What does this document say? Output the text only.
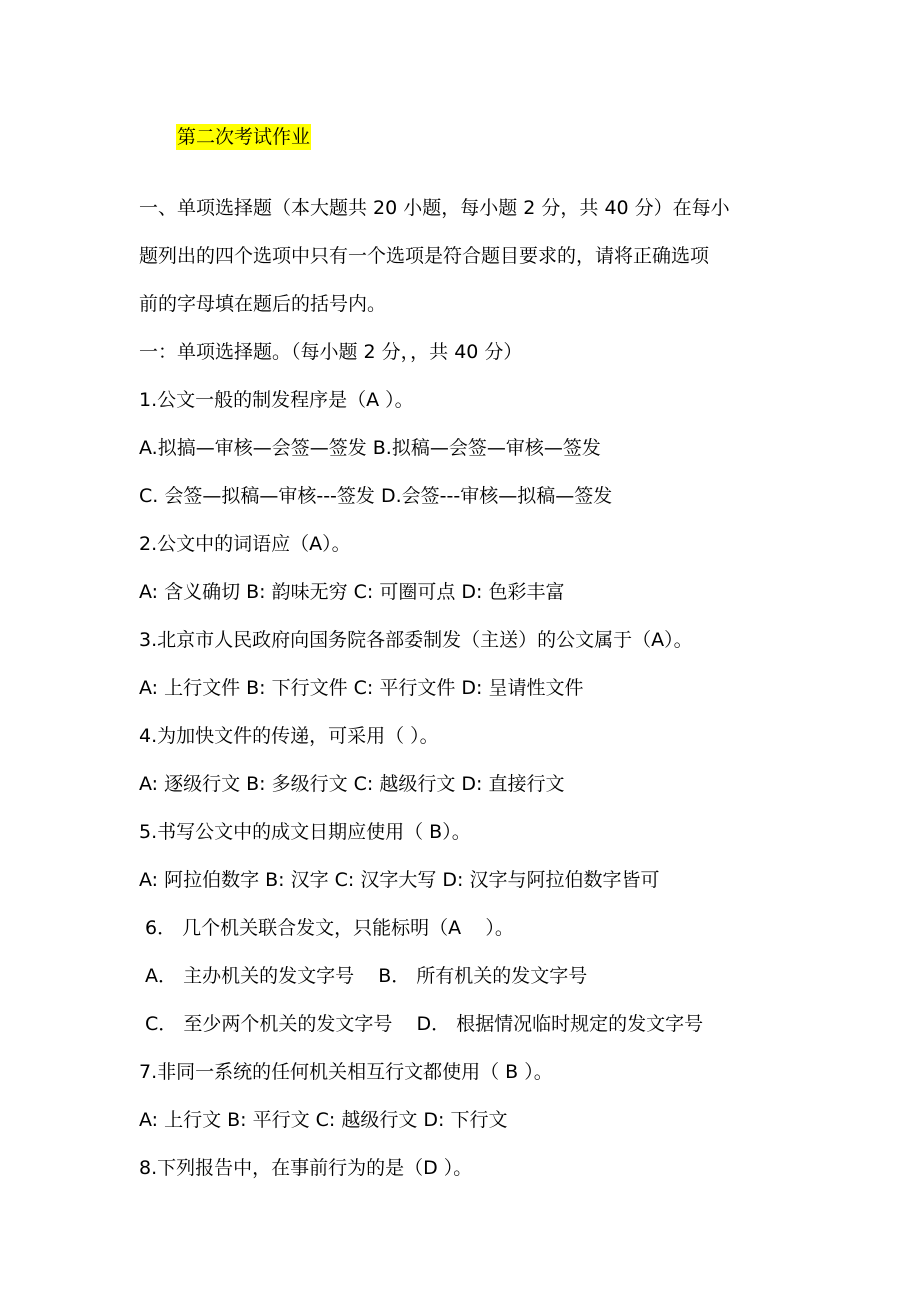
第二次考试作业
一、单项选择题（本大题共 20 小题，每小题 2 分，共 40 分）在每小
题列出的四个选项中只有一个选项是符合题目要求的，请将正确选项
前的字母填在题后的括号内。
一：单项选择题。（每小题 2 分，，共 40 分）
1.公文一般的制发程序是（A ）。
A.拟搞—审核—会签—签发 B.拟稿—会签—审核—签发
C. 会签—拟稿—审核---签发 D.会签---审核—拟稿—签发
2.公文中的词语应（A）。
A: 含义确切 B: 韵味无穷 C: 可圈可点 D: 色彩丰富
3.北京市人民政府向国务院各部委制发（主送）的公文属于（A）。
A: 上行文件 B: 下行文件 C: 平行文件 D: 呈请性文件
4.为加快文件的传递，可采用（ ）。
A: 逐级行文 B: 多级行文 C: 越级行文 D: 直接行文
5.书写公文中的成文日期应使用（ B）。
A: 阿拉伯数字 B: 汉字 C: 汉字大写 D: 汉字与阿拉伯数字皆可
6． 几个机关联合发文，只能标明（A    ）。
A． 主办机关的发文字号    B． 所有机关的发文字号
C． 至少两个机关的发文字号    D． 根据情况临时规定的发文字号
7.非同一系统的任何机关相互行文都使用（ B ）。
A: 上行文 B: 平行文 C: 越级行文 D: 下行文
8.下列报告中，在事前行为的是（D ）。
